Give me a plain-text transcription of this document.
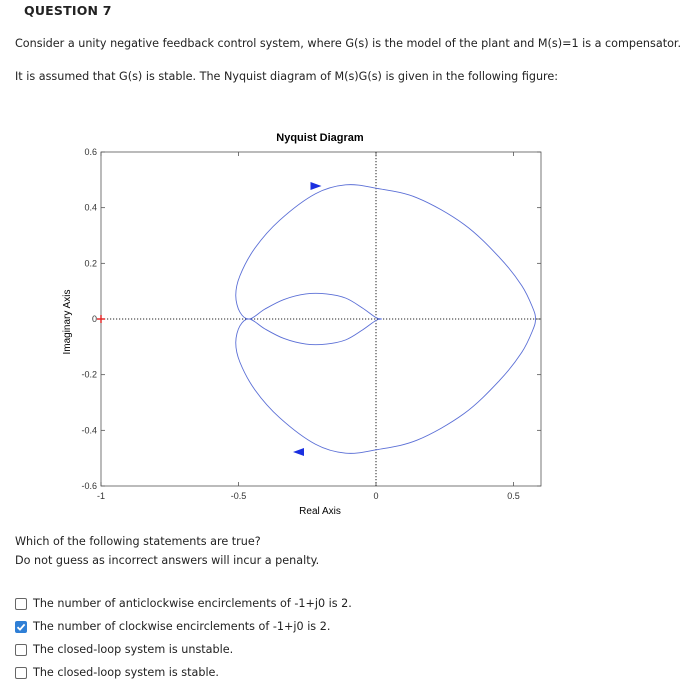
QUESTION 7
Consider a unity negative feedback control system, where G(s) is the model of the plant and M(s)=1 is a compensator.
It is assumed that G(s) is stable. The Nyquist diagram of M(s)G(s) is given in the following figure:
Nyquist Diagram
-1	-0.5	0	0.5
-0.6
-0.4
-0.2
0
0.2
0.4
0.6
Real Axis
Imaginary Axis
Which of the following statements are true?
Do not guess as incorrect answers will incur a penalty.
The number of anticlockwise encirclements of -1+j0 is 2.
The number of clockwise encirclements of -1+j0 is 2.
The closed-loop system is unstable.
The closed-loop system is stable.
